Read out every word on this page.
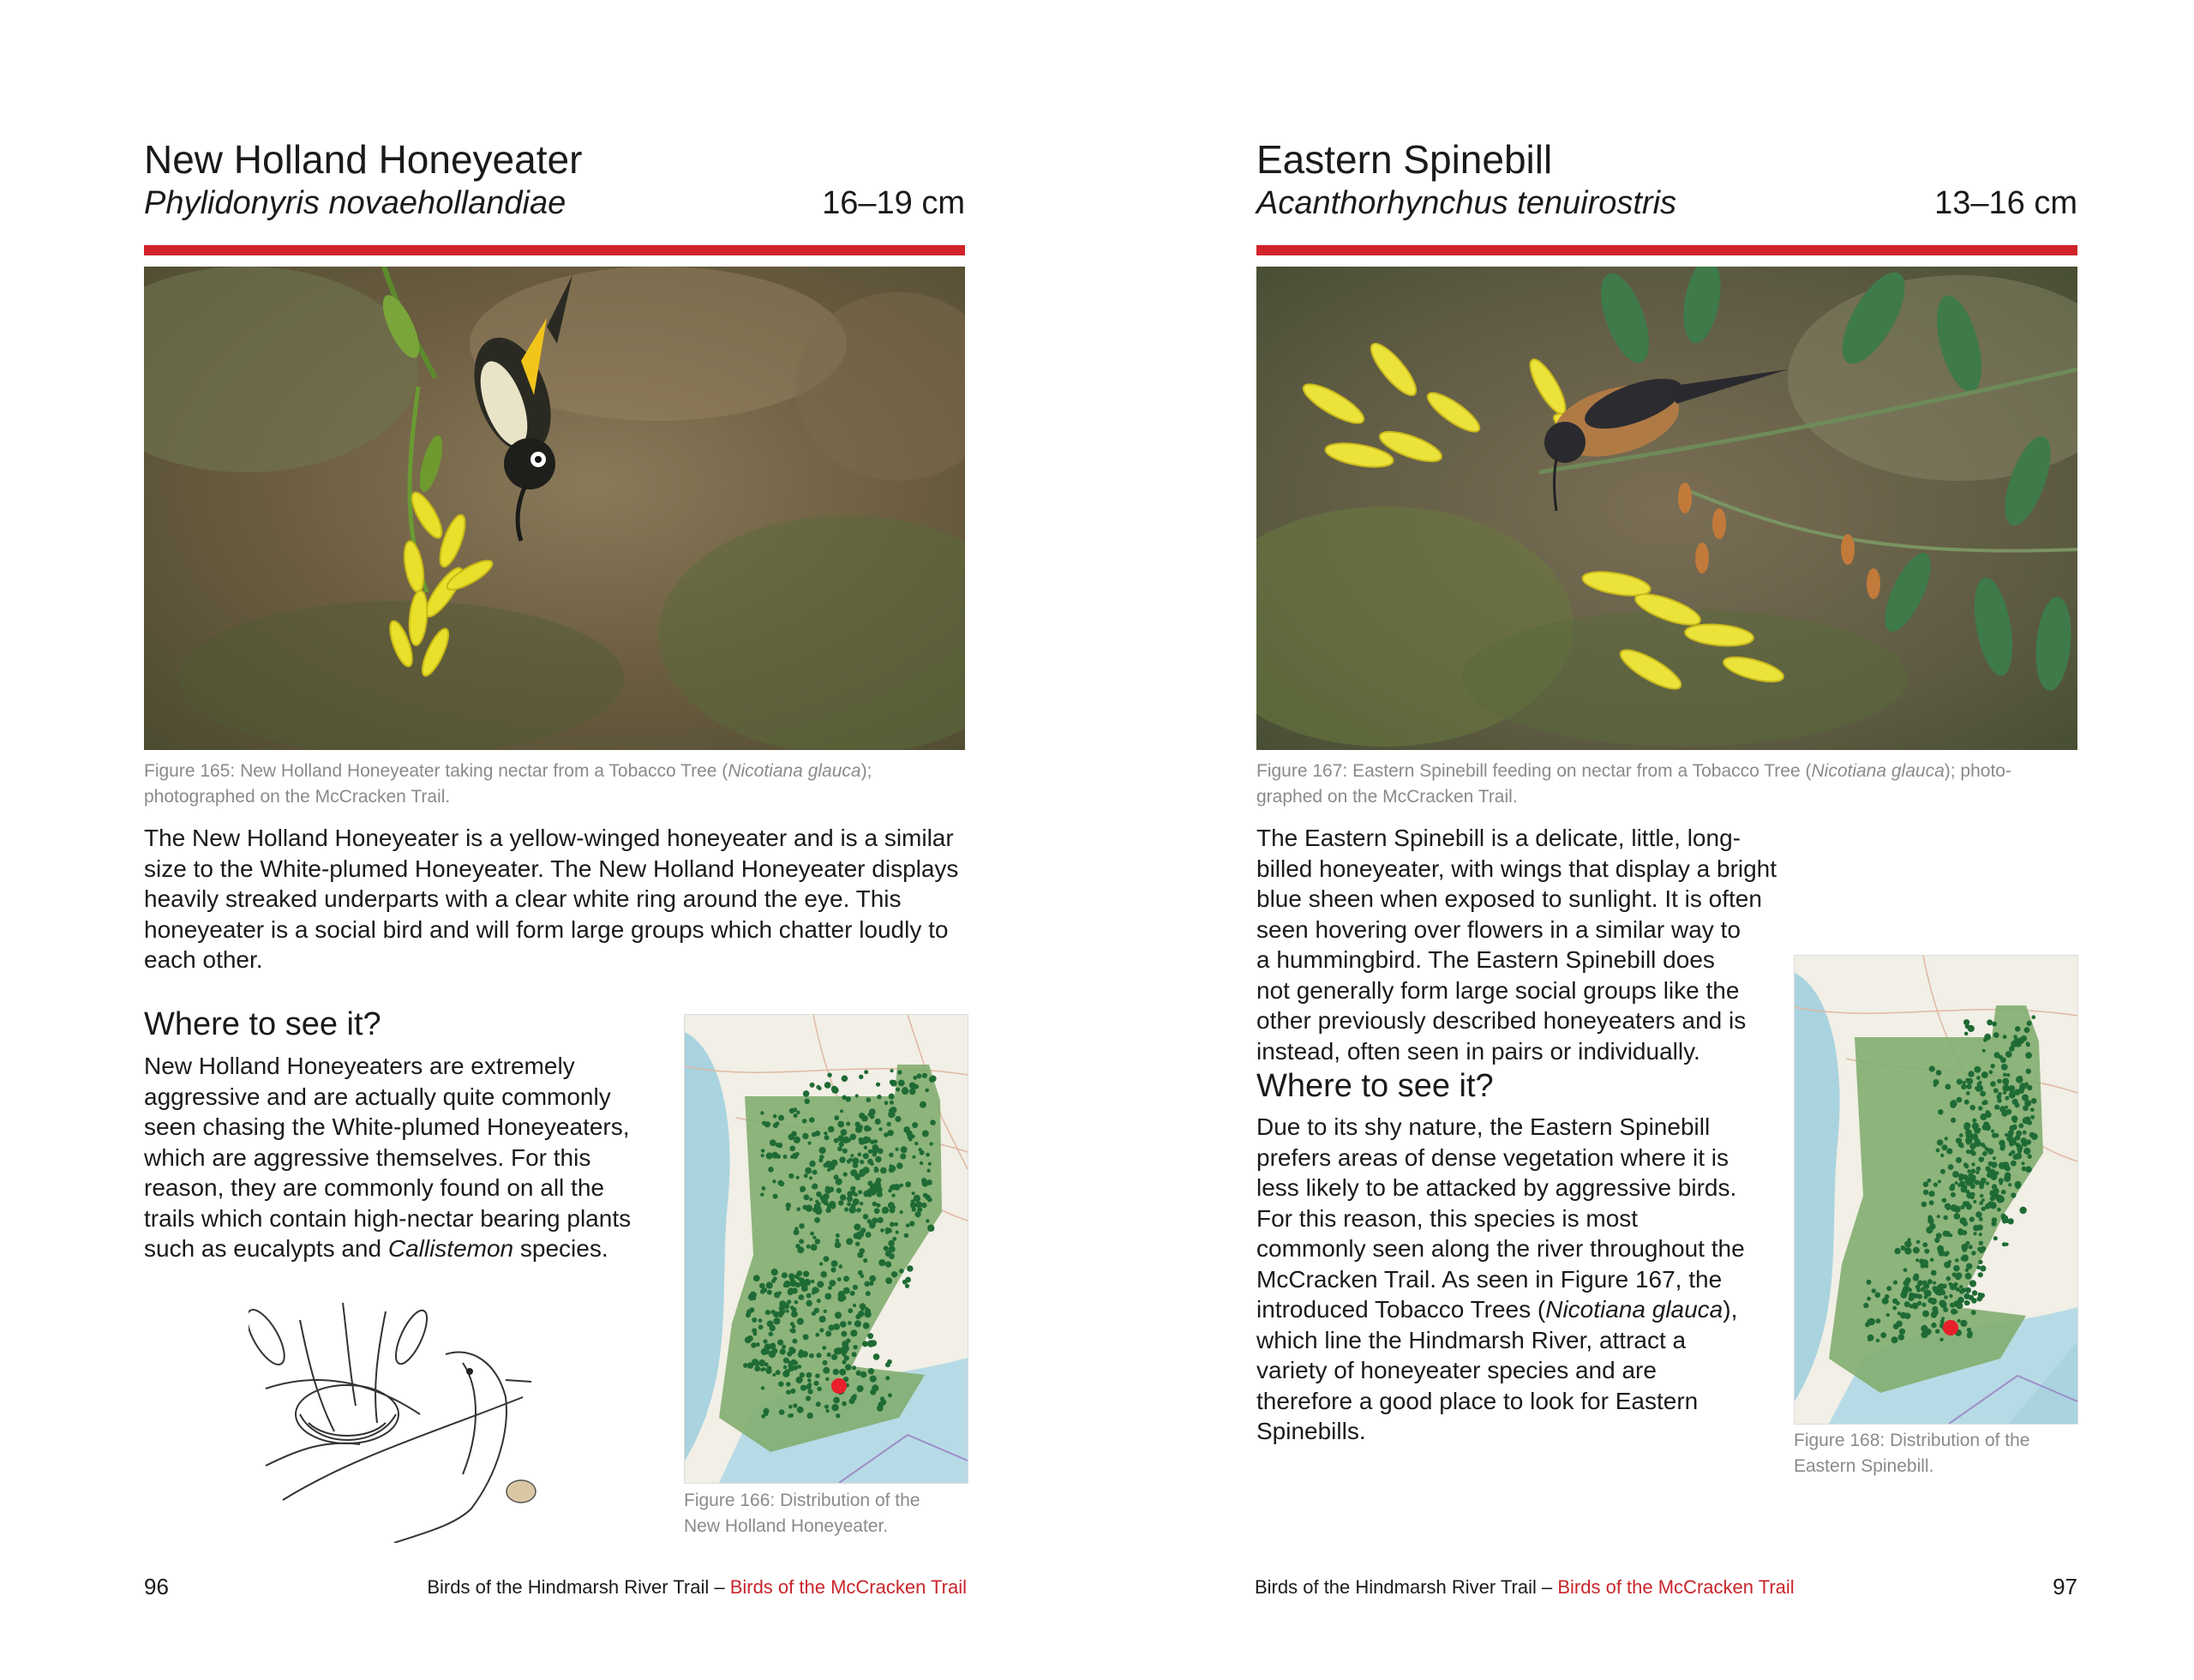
New Holland Honeyeater
Phylidonyris novaehollandiae	16–19 cm
Figure 165: New Holland Honeyeater taking nectar from a Tobacco Tree (Nicotiana glauca); photographed on the McCracken Trail.
The New Holland Honeyeater is a yellow-winged honeyeater and is a similar size to the White-plumed Honeyeater. The New Holland Honeyeater displays heavily streaked underparts with a clear white ring around the eye. This honeyeater is a social bird and will form large groups which chatter loudly to each other.
Where to see it?
New Holland Honeyeaters are extremely aggressive and are actually quite commonly seen chasing the White-plumed Honeyeaters, which are aggressive themselves. For this reason, they are commonly found on all the trails which contain high-nectar bearing plants such as eucalypts and Callistemon species.
Figure 166: Distribution of the New Holland Honeyeater.
96	Birds of the Hindmarsh River Trail – Birds of the McCracken Trail
Eastern Spinebill
Acanthorhynchus tenuirostris	13–16 cm
Figure 167: Eastern Spinebill feeding on nectar from a Tobacco Tree (Nicotiana glauca); photo-graphed on the McCracken Trail.
The Eastern Spinebill is a delicate, little, long-billed honeyeater, with wings that display a bright blue sheen when exposed to sunlight. It is often seen hovering over flowers in a similar way to a hummingbird. The Eastern Spinebill does not generally form large social groups like the other previously described honeyeaters and is instead, often seen in pairs or individually.
Where to see it?
Due to its shy nature, the Eastern Spinebill prefers areas of dense vegetation where it is less likely to be attacked by aggressive birds. For this reason, this species is most commonly seen along the river throughout the McCracken Trail. As seen in Figure 167, the introduced Tobacco Trees (Nicotiana glauca), which line the Hindmarsh River, attract a variety of honeyeater species and are therefore a good place to look for Eastern Spinebills.	Figure 168: Distribution of the Eastern Spinebill.
Birds of the Hindmarsh River Trail – Birds of the McCracken Trail	97
